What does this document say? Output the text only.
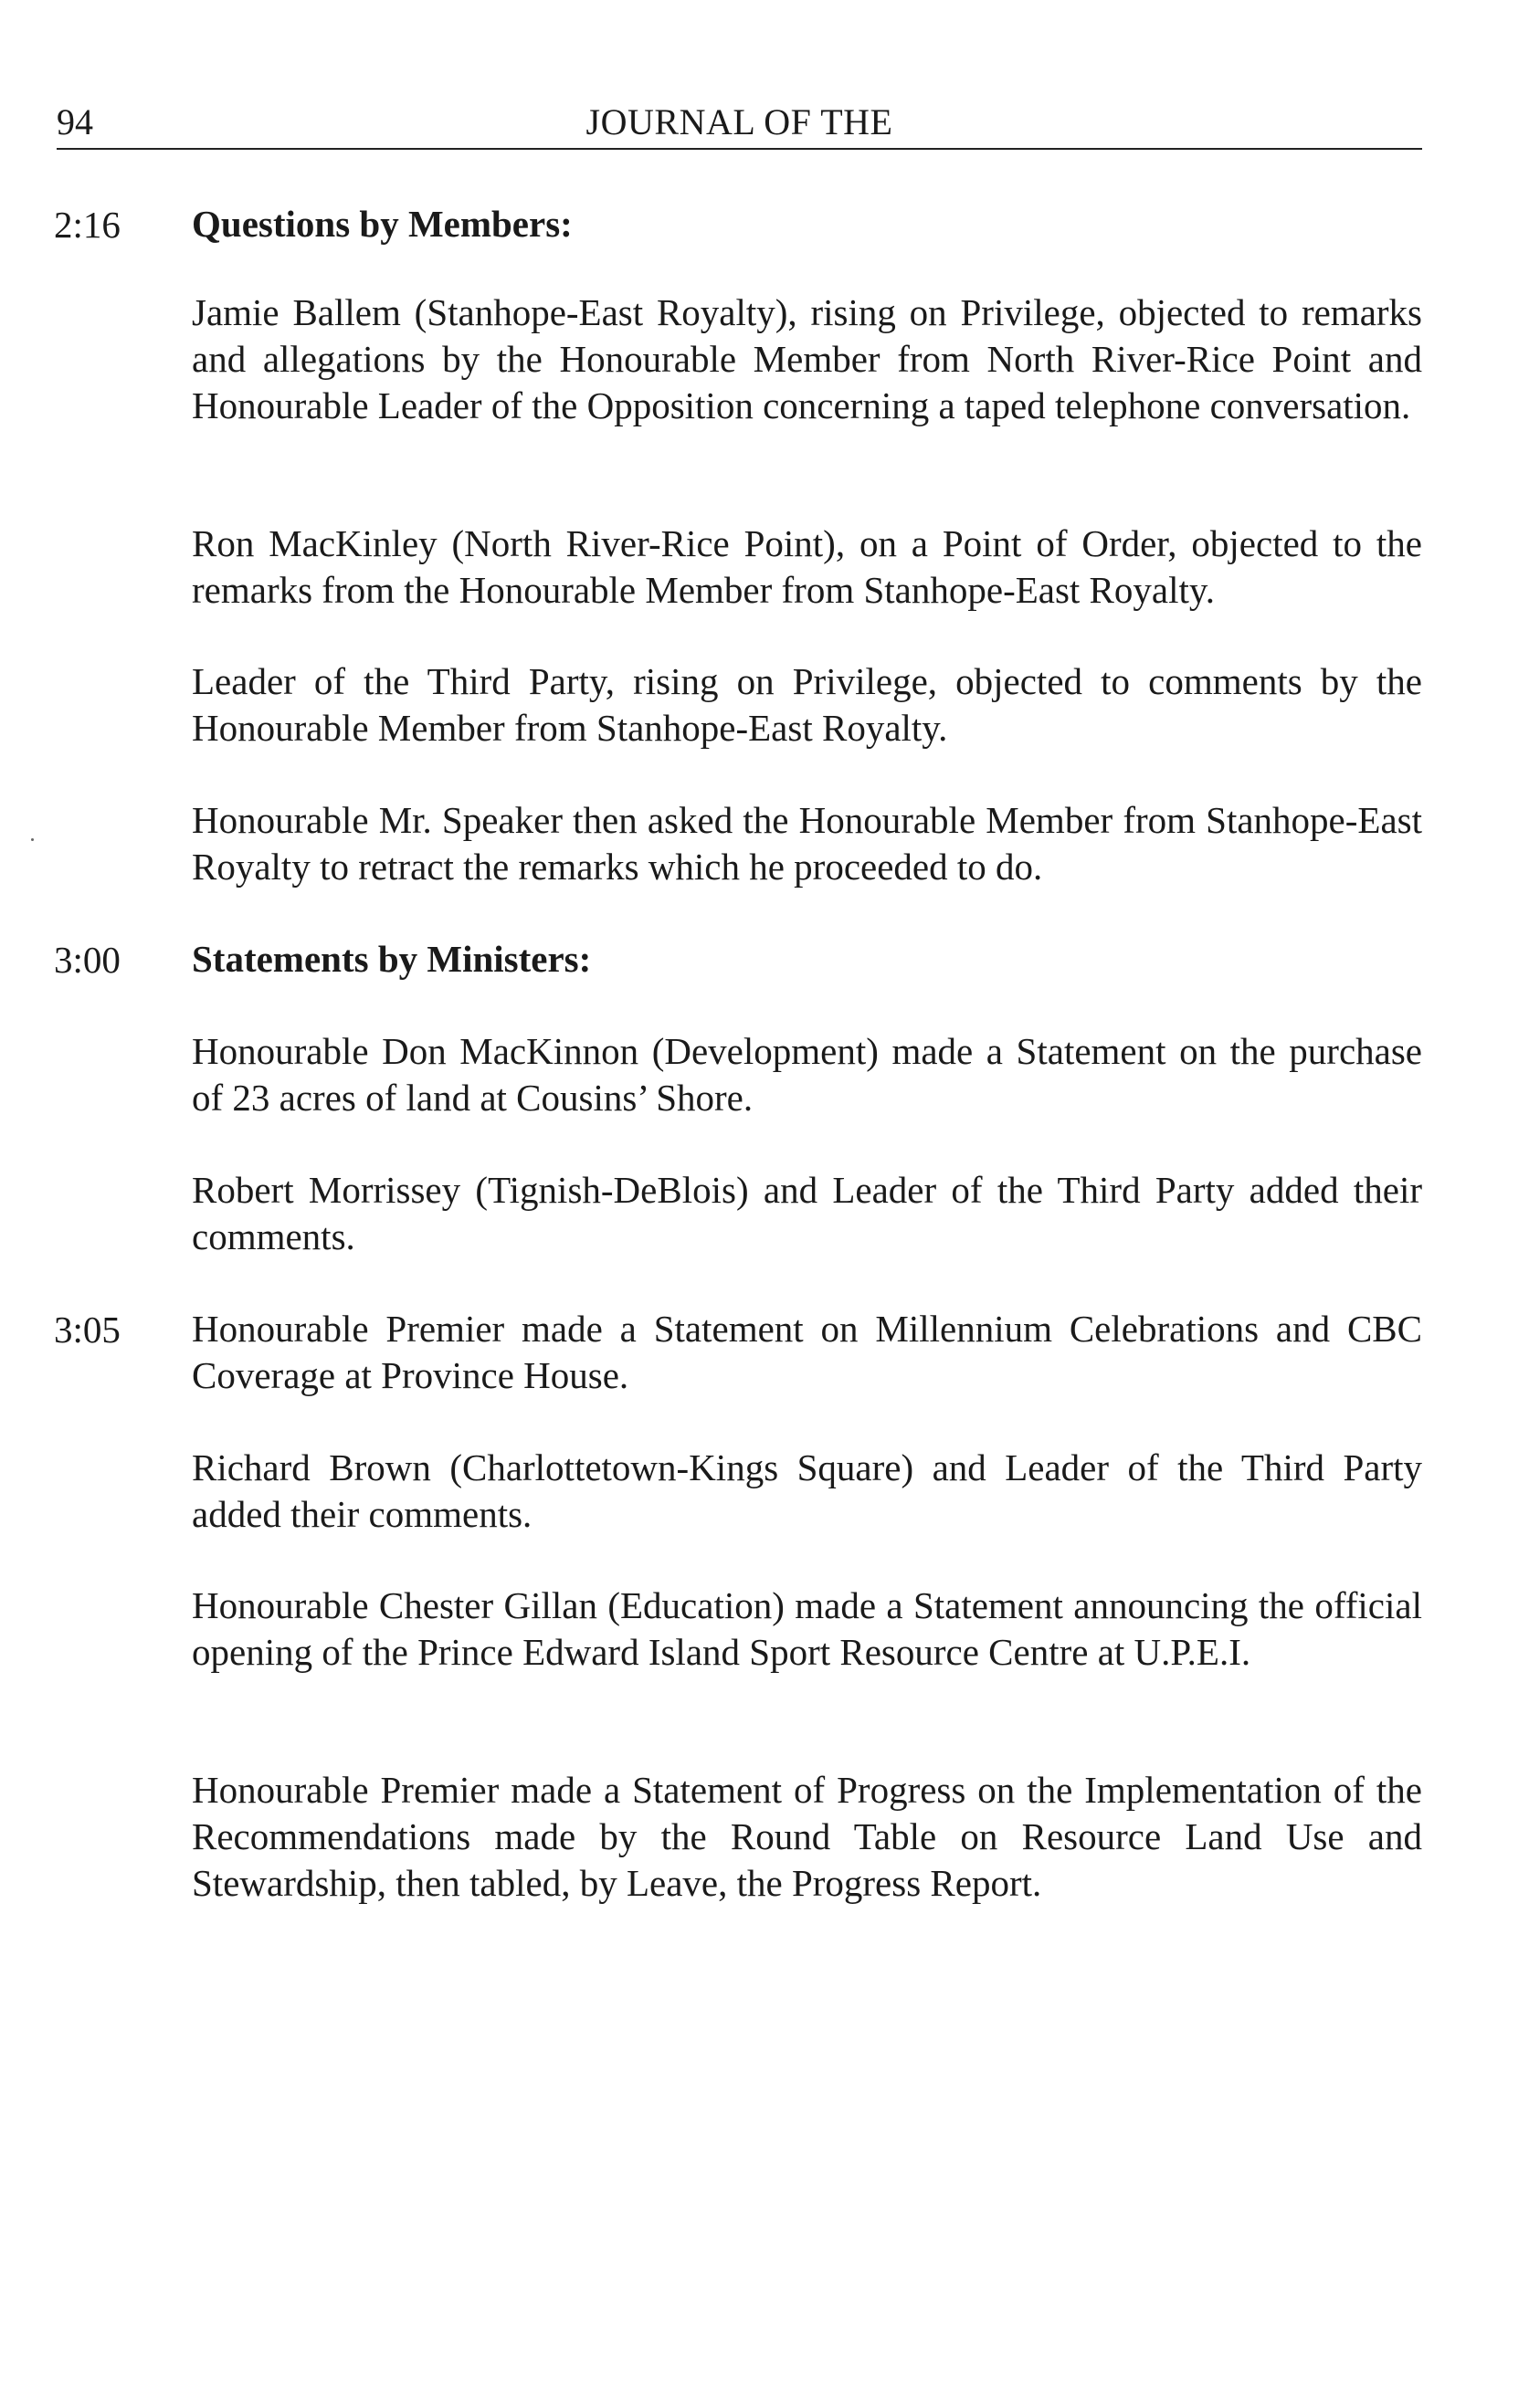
94	JOURNAL OF THE
2:16 Questions by Members:

Jamie Ballem (Stanhope-East Royalty), rising on Privilege, objected to remarks and allegations by the Honourable Member from North River-Rice Point and Honourable Leader of the Opposition concerning a taped telephone conversation.

Ron MacKinley (North River-Rice Point), on a Point of Order, objected to the remarks from the Honourable Member from Stanhope-East Royalty.

Leader of the Third Party, rising on Privilege, objected to comments by the Honourable Member from Stanhope-East Royalty.

Honourable Mr. Speaker then asked the Honourable Member from Stanhope-East Royalty to retract the remarks which he proceeded to do.

3:00 Statements by Ministers:

Honourable Don MacKinnon (Development) made a Statement on the purchase of 23 acres of land at Cousins’ Shore.

Robert Morrissey (Tignish-DeBlois) and Leader of the Third Party added their comments.

3:05 Honourable Premier made a Statement on Millennium Celebrations and CBC Coverage at Province House.

Richard Brown (Charlottetown-Kings Square) and Leader of the Third Party added their comments.

Honourable Chester Gillan (Education) made a Statement announcing the official opening of the Prince Edward Island Sport Resource Centre at U.P.E.I.

Honourable Premier made a Statement of Progress on the Implementation of the Recommendations made by the Round Table on Resource Land Use and Stewardship, then tabled, by Leave, the Progress Report.
